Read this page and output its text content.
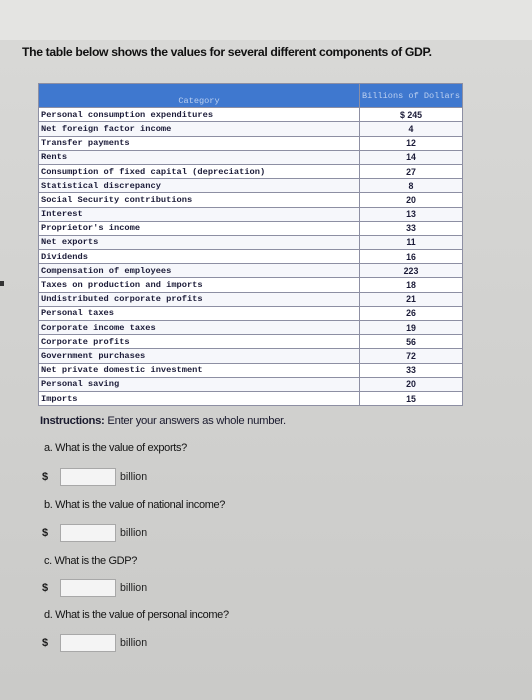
The table below shows the values for several different components of GDP.
Category	Billions of Dollars
Personal consumption expenditures	$ 245
Net foreign factor income	4
Transfer payments	12
Rents	14
Consumption of fixed capital (depreciation)	27
Statistical discrepancy	8
Social Security contributions	20
Interest	13
Proprietor's income	33
Net exports	11
Dividends	16
Compensation of employees	223
Taxes on production and imports	18
Undistributed corporate profits	21
Personal taxes	26
Corporate income taxes	19
Corporate profits	56
Government purchases	72
Net private domestic investment	33
Personal saving	20
Imports	15
Instructions: Enter your answers as whole number.
a. What is the value of exports?
$	billion
b. What is the value of national income?
$	billion
c. What is the GDP?
$	billion
d. What is the value of personal income?
$	billion
